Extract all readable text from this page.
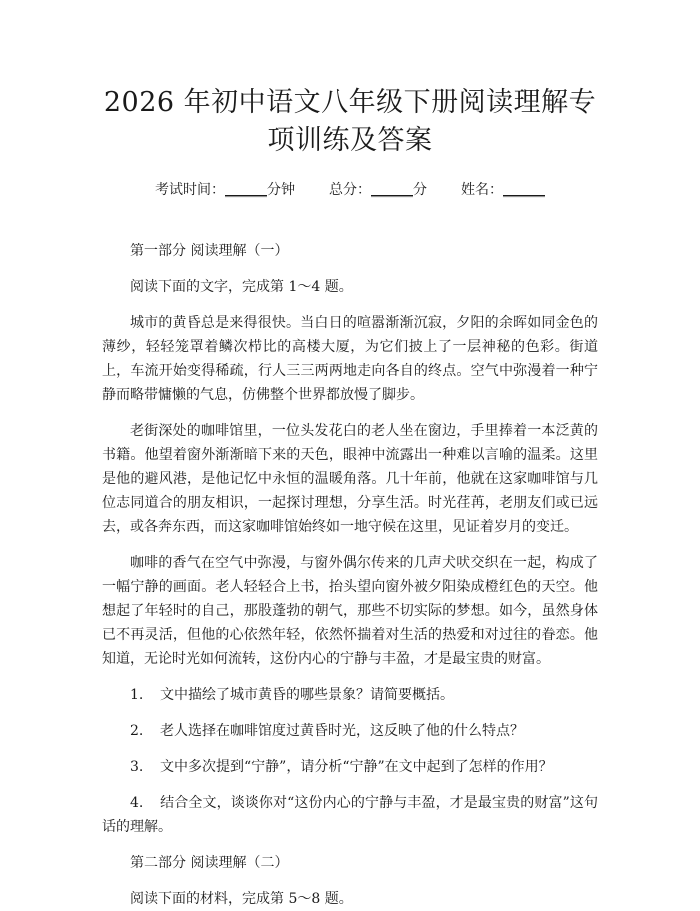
2026 年初中语文八年级下册阅读理解专项训练及答案
考试时间：______分钟 总分：______分 姓名：______

第一部分 阅读理解（一）

阅读下面的文字，完成第 1～4 题。

城市的黄昏总是来得很快。当白日的喧嚣渐渐沉寂，夕阳的余晖如同金色的薄纱，轻轻笼罩着鳞次栉比的高楼大厦，为它们披上了一层神秘的色彩。街道上，车流开始变得稀疏，行人三三两两地走向各自的终点。空气中弥漫着一种宁静而略带慵懒的气息，仿佛整个世界都放慢了脚步。

老街深处的咖啡馆里，一位头发花白的老人坐在窗边，手里捧着一本泛黄的书籍。他望着窗外渐渐暗下来的天色，眼神中流露出一种难以言喻的温柔。这里是他的避风港，是他记忆中永恒的温暖角落。几十年前，他就在这家咖啡馆与几位志同道合的朋友相识，一起探讨理想，分享生活。时光荏苒，老朋友们或已远去，或各奔东西，而这家咖啡馆始终如一地守候在这里，见证着岁月的变迁。

咖啡的香气在空气中弥漫，与窗外偶尔传来的几声犬吠交织在一起，构成了一幅宁静的画面。老人轻轻合上书，抬头望向窗外被夕阳染成橙红色的天空。他想起了年轻时的自己，那股蓬勃的朝气，那些不切实际的梦想。如今，虽然身体已不再灵活，但他的心依然年轻，依然怀揣着对生活的热爱和对过往的眷恋。他知道，无论时光如何流转，这份内心的宁静与丰盈，才是最宝贵的财富。

1. 文中描绘了城市黄昏的哪些景象？请简要概括。

2. 老人选择在咖啡馆度过黄昏时光，这反映了他的什么特点？

3. 文中多次提到“宁静”，请分析“宁静”在文中起到了怎样的作用？

4. 结合全文，谈谈你对“这份内心的宁静与丰盈，才是最宝贵的财富”这句话的理解。

第二部分 阅读理解（二）

阅读下面的材料，完成第 5～8 题。
